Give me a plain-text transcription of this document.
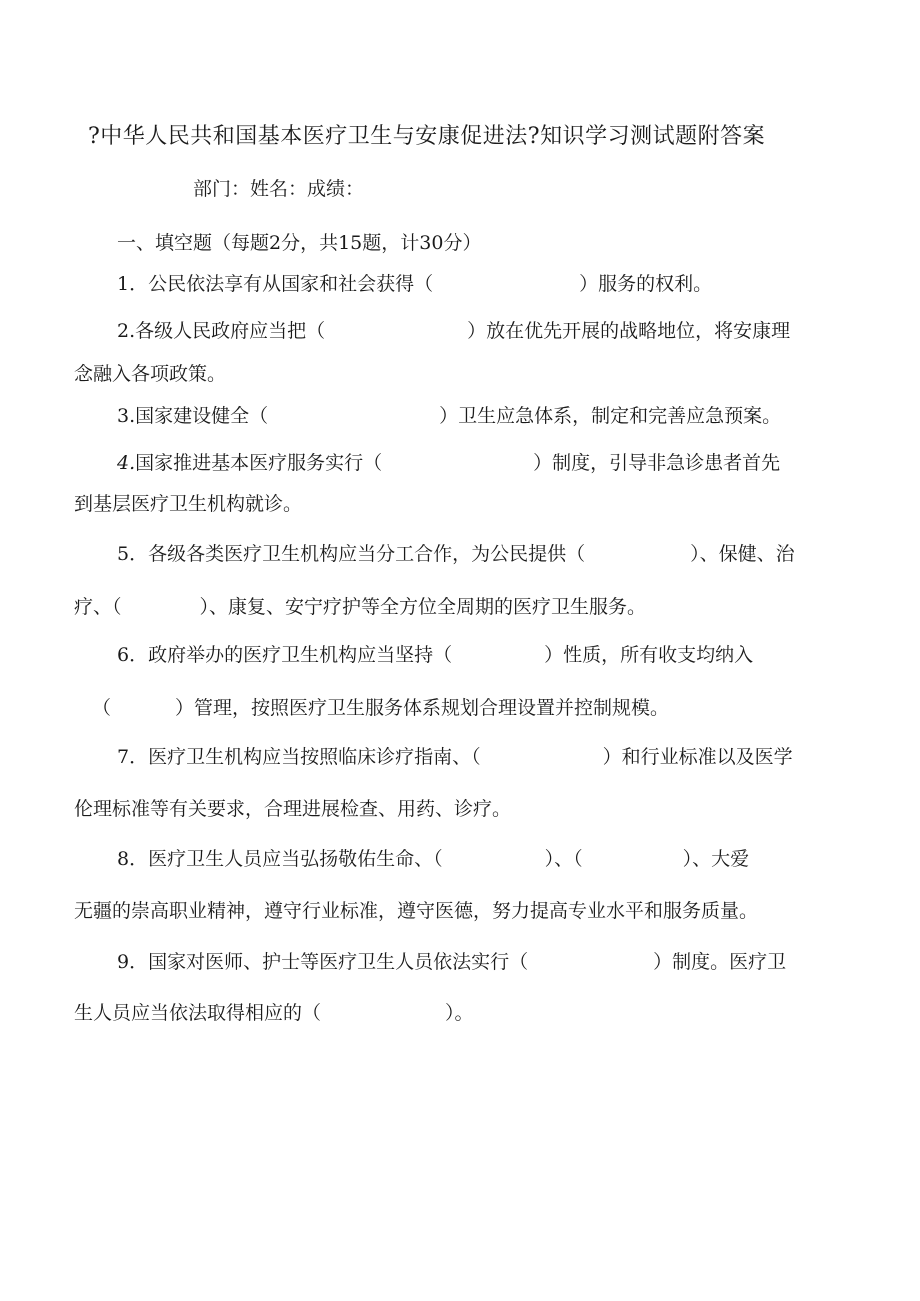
?中华人民共和国基本医疗卫生与安康促进法?知识学习测试题附答案
部门：姓名：成绩：
一、填空题（每题2分，共15题，计30分）
1．公民依法享有从国家和社会获得（	）服务的权利。
2.各级人民政府应当把（	）放在优先开展的战略地位，将安康理
念融入各项政策。
3.国家建设健全（	）卫生应急体系，制定和完善应急预案。
4.国家推进基本医疗服务实行（	）制度，引导非急诊患者首先
到基层医疗卫生机构就诊。
5．各级各类医疗卫生机构应当分工合作，为公民提供（	）、保健、治
疗、（	）、康复、安宁疗护等全方位全周期的医疗卫生服务。
6．政府举办的医疗卫生机构应当坚持（	）性质，所有收支均纳入
（	）管理，按照医疗卫生服务体系规划合理设置并控制规模。
7．医疗卫生机构应当按照临床诊疗指南、（	）和行业标准以及医学
伦理标准等有关要求，合理进展检查、用药、诊疗。
8．医疗卫生人员应当弘扬敬佑生命、（	）、（	）、大爱
无疆的崇高职业精神，遵守行业标准，遵守医德，努力提高专业水平和服务质量。
9．国家对医师、护士等医疗卫生人员依法实行（	）制度。医疗卫
生人员应当依法取得相应的（	）。
